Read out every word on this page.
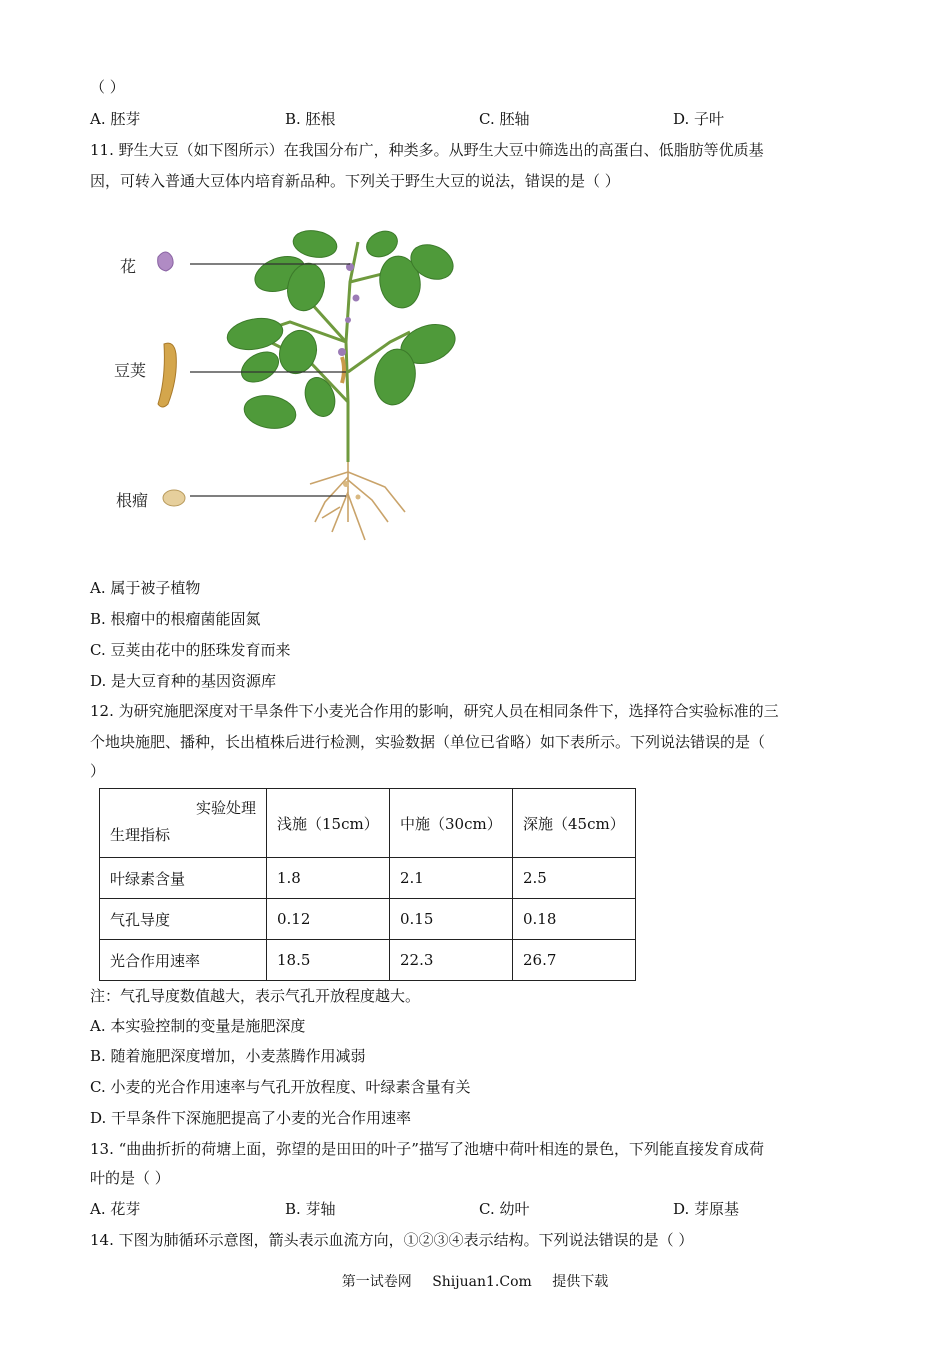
（ ）
A. 胚芽	B. 胚根	C. 胚轴	D. 子叶
11. 野生大豆（如下图所示）在我国分布广，种类多。从野生大豆中筛选出的高蛋白、低脂肪等优质基
因，可转入普通大豆体内培育新品种。下列关于野生大豆的说法，错误的是（ ）
花
豆荚
根瘤
A. 属于被子植物
B. 根瘤中的根瘤菌能固氮
C. 豆荚由花中的胚珠发育而来
D. 是大豆育种的基因资源库
12. 为研究施肥深度对干旱条件下小麦光合作用的影响，研究人员在相同条件下，选择符合实验标准的三
个地块施肥、播种，长出植株后进行检测，实验数据（单位已省略）如下表所示。下列说法错误的是（
）
实验处理
生理指标	浅施（15cm）	中施（30cm）	深施（45cm）
叶绿素含量	1.8	2.1	2.5
气孔导度	0.12	0.15	0.18
光合作用速率	18.5	22.3	26.7
注：气孔导度数值越大，表示气孔开放程度越大。
A. 本实验控制的变量是施肥深度
B. 随着施肥深度增加，小麦蒸腾作用减弱
C. 小麦的光合作用速率与气孔开放程度、叶绿素含量有关
D. 干旱条件下深施肥提高了小麦的光合作用速率
13. “曲曲折折的荷塘上面，弥望的是田田的叶子”描写了池塘中荷叶相连的景色，下列能直接发育成荷
叶的是（ ）
A. 花芽	B. 芽轴	C. 幼叶	D. 芽原基
14. 下图为肺循环示意图，箭头表示血流方向，①②③④表示结构。下列说法错误的是（ ）
第一试卷网 Shijuan1.Com 提供下载
